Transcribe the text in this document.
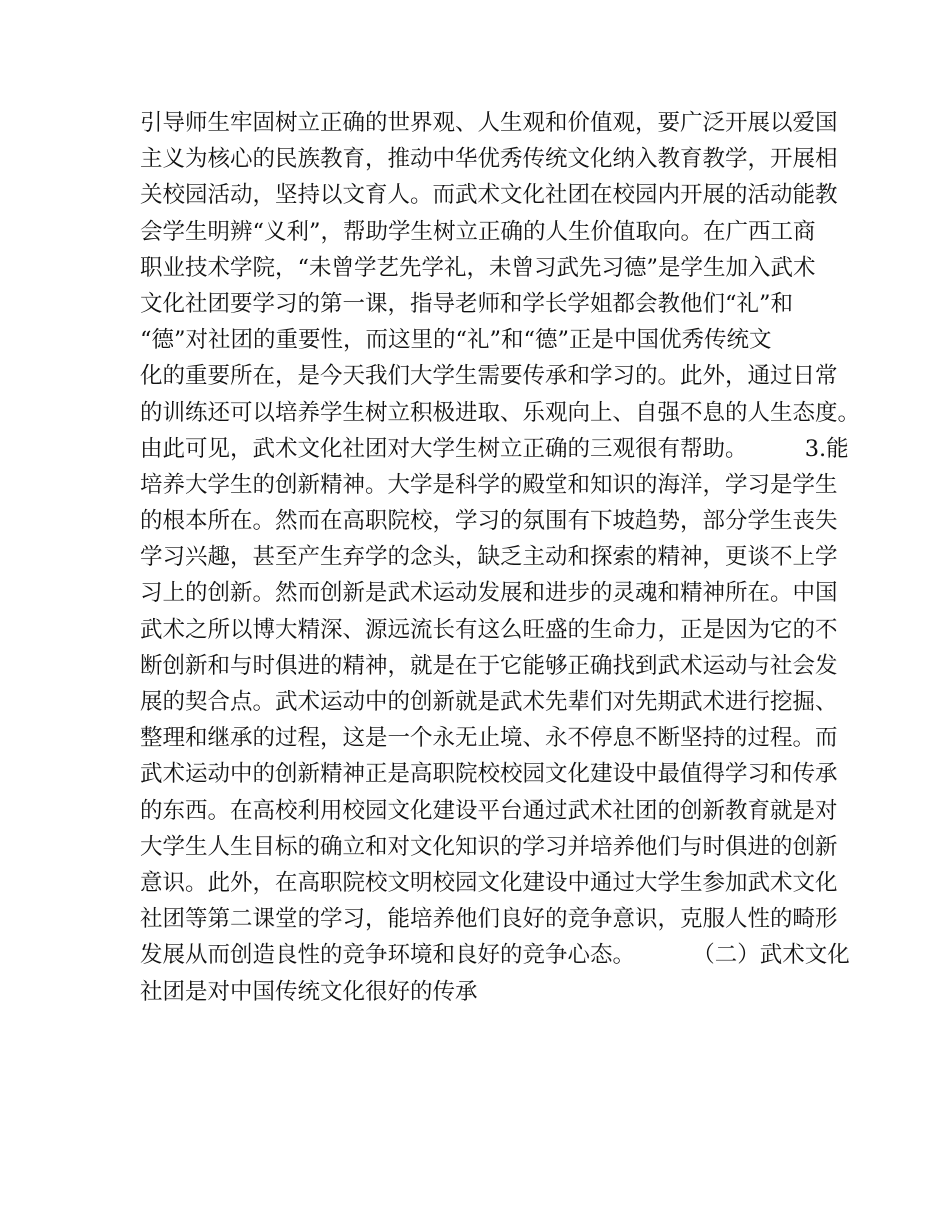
引导师生牢固树立正确的世界观、人生观和价值观，要广泛开展以爱国
主义为核心的民族教育，推动中华优秀传统文化纳入教育教学，开展相
关校园活动，坚持以文育人。而武术文化社团在校园内开展的活动能教
会学生明辨“义利”，帮助学生树立正确的人生价值取向。在广西工商
职业技术学院，“未曾学艺先学礼，未曾习武先习德”是学生加入武术
文化社团要学习的第一课，指导老师和学长学姐都会教他们“礼”和
“德”对社团的重要性，而这里的“礼”和“德”正是中国优秀传统文
化的重要所在，是今天我们大学生需要传承和学习的。此外，通过日常
的训练还可以培养学生树立积极进取、乐观向上、自强不息的人生态度。
由此可见，武术文化社团对大学生树立正确的三观很有帮助。        3.能
培养大学生的创新精神。大学是科学的殿堂和知识的海洋，学习是学生
的根本所在。然而在高职院校，学习的氛围有下坡趋势，部分学生丧失
学习兴趣，甚至产生弃学的念头，缺乏主动和探索的精神，更谈不上学
习上的创新。然而创新是武术运动发展和进步的灵魂和精神所在。中国
武术之所以博大精深、源远流长有这么旺盛的生命力，正是因为它的不
断创新和与时俱进的精神，就是在于它能够正确找到武术运动与社会发
展的契合点。武术运动中的创新就是武术先辈们对先期武术进行挖掘、
整理和继承的过程，这是一个永无止境、永不停息不断坚持的过程。而
武术运动中的创新精神正是高职院校校园文化建设中最值得学习和传承
的东西。在高校利用校园文化建设平台通过武术社团的创新教育就是对
大学生人生目标的确立和对文化知识的学习并培养他们与时俱进的创新
意识。此外，在高职院校文明校园文化建设中通过大学生参加武术文化
社团等第二课堂的学习，能培养他们良好的竞争意识，克服人性的畸形
发展从而创造良性的竞争环境和良好的竞争心态。        （二）武术文化
社团是对中国传统文化很好的传承
